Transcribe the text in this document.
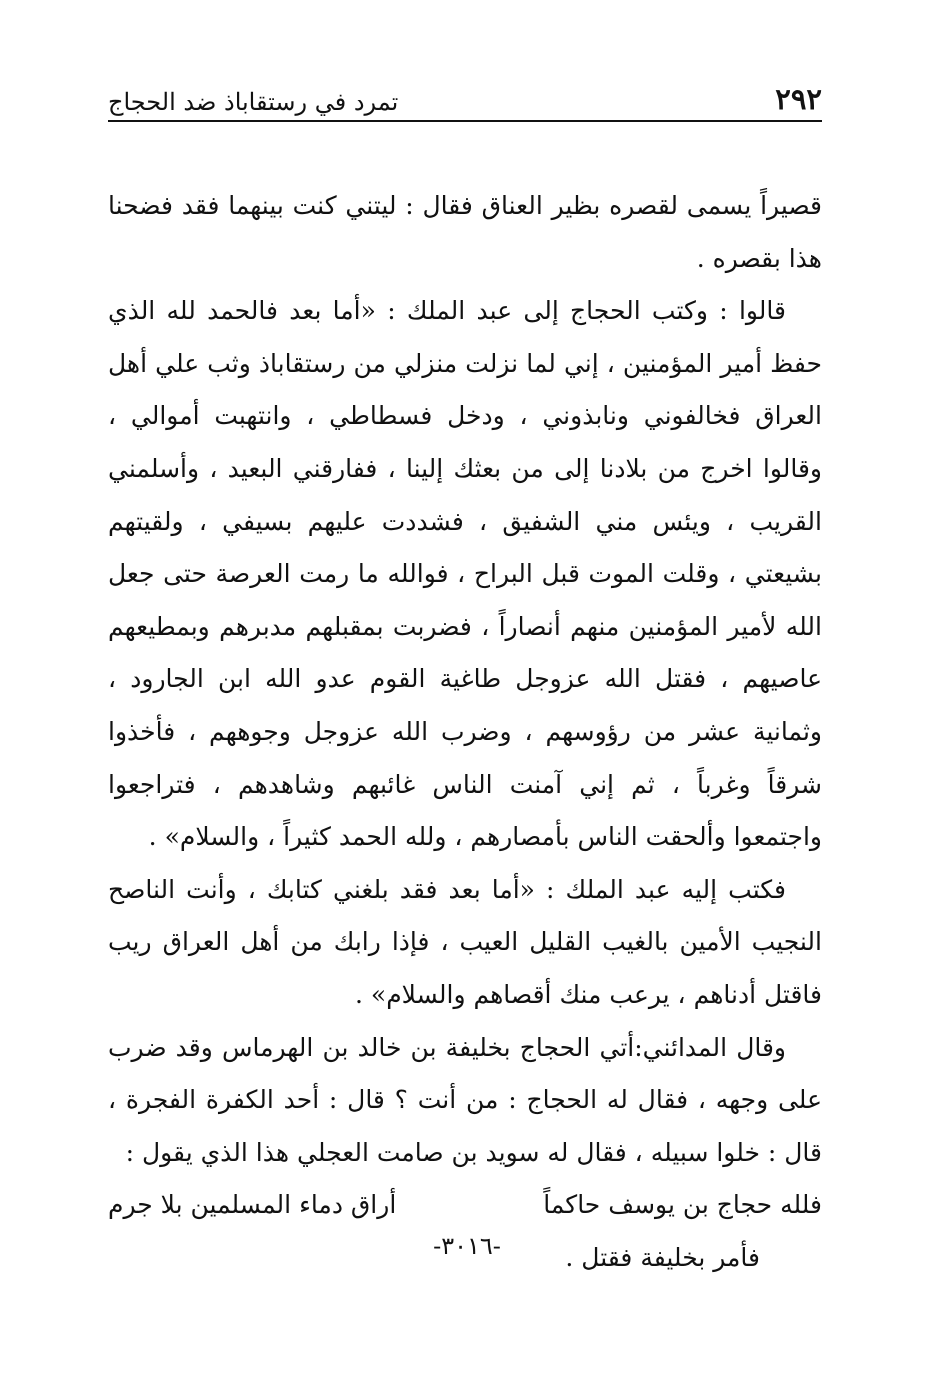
٢٩٢
تمرد في رستقاباذ ضد الحجاج

قصيراً يسمى لقصره بظير العناق فقال : ليتني كنت بينهما فقد فضحنا هذا بقصره .

قالوا : وكتب الحجاج إلى عبد الملك : «أما بعد فالحمد لله الذي حفظ أمير المؤمنين ، إني لما نزلت منزلي من رستقاباذ وثب علي أهل العراق فخالفوني ونابذوني ، ودخل فسطاطي ، وانتهبت أموالي ، وقالوا اخرج من بلادنا إلى من بعثك إلينا ، ففارقني البعيد ، وأسلمني القريب ، ويئس مني الشفيق ، فشددت عليهم بسيفي ، ولقيتهم بشيعتي ، وقلت الموت قبل البراح ، فوالله ما رمت العرصة حتى جعل الله لأمير المؤمنين منهم أنصاراً ، فضربت بمقبلهم مدبرهم وبمطيعهم عاصيهم ، فقتل الله عزوجل طاغية القوم عدو الله ابن الجارود ، وثمانية عشر من رؤوسهم ، وضرب الله عزوجل وجوههم ، فأخذوا شرقاً وغرباً ، ثم إني آمنت الناس غائبهم وشاهدهم ، فتراجعوا واجتمعوا وألحقت الناس بأمصارهم ، ولله الحمد كثيراً ، والسلام» .

فكتب إليه عبد الملك : «أما بعد فقد بلغني كتابك ، وأنت الناصح النجيب الأمين بالغيب القليل العيب ، فإذا رابك من أهل العراق ريب فاقتل أدناهم ، يرعب منك أقصاهم والسلام» .

وقال المدائني:أتي الحجاج بخليفة بن خالد بن الهرماس وقد ضرب على وجهه ، فقال له الحجاج : من أنت ؟ قال : أحد الكفرة الفجرة ، قال : خلوا سبيله ، فقال له سويد بن صامت العجلي هذا الذي يقول :

فلله حجاج بن يوسف حاكماً
أراق دماء المسلمين بلا جرم
فأمر بخليفة فقتل .
-٣٠١٦-
